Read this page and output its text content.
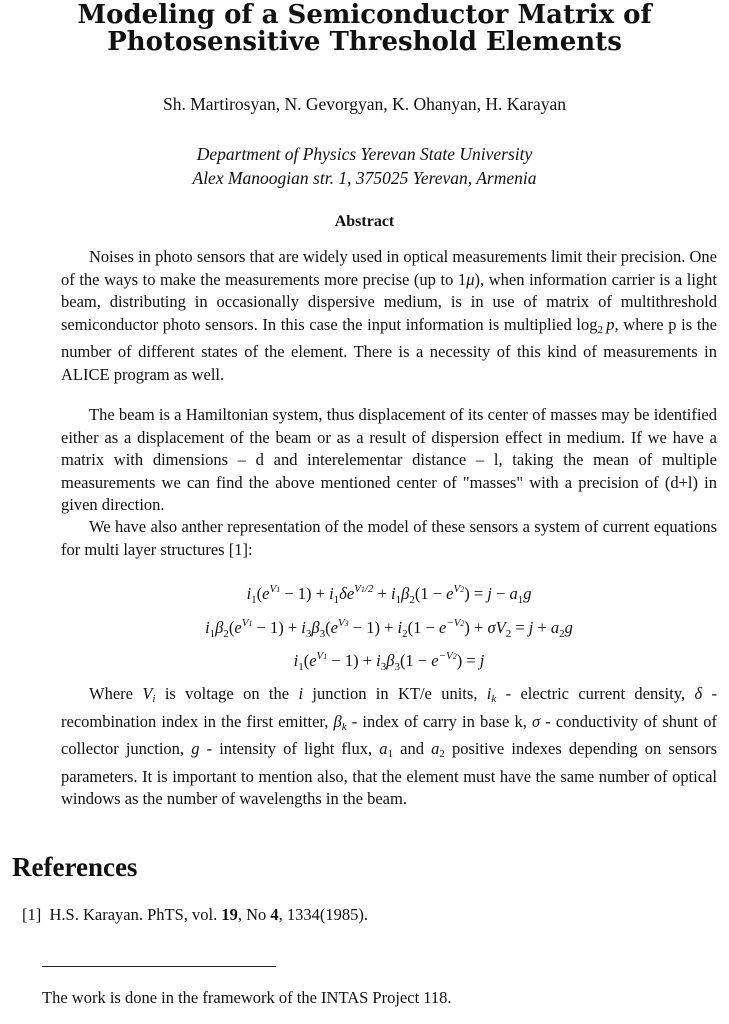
Modeling of a Semiconductor Matrix of
Photosensitive Threshold Elements
Sh. Martirosyan, N. Gevorgyan, K. Ohanyan, H. Karayan
Department of Physics Yerevan State University
Alex Manoogian str. 1, 375025 Yerevan, Armenia
Abstract

Noises in photo sensors that are widely used in optical measurements limit their precision. One of the ways to make the measurements more precise (up to 1μ), when information carrier is a light beam, distributing in occasionally dispersive medium, is in use of matrix of multithreshold semiconductor photo sensors. In this case the input information is multiplied $\log_2 p$, where p is the number of different states of the element. There is a necessity of this kind of measurements in ALICE program as well.

The beam is a Hamiltonian system, thus displacement of its center of masses may be identified either as a displacement of the beam or as a result of dispersion effect in medium. If we have a matrix with dimensions – d and interelementar distance – l, taking the mean of multiple measurements we can find the above mentioned center of "masses" with a precision of (d+l) in given direction.

We have also anther representation of the model of these sensors a system of current equations for multi layer structures [1]:

$i_1(e^{V1} - 1) + i_1\delta e^{V1/2} + i_1\beta_2(1 - e^{V2}) = j - a_1g$
$i_1\beta_2(e^{V1} - 1) + i_3\beta_3(e^{V3} - 1) + i_2(1 - e^{-V2}) + \sigma V_2 = j + a_2g$
$i_1(e^{V1} - 1) + i_3\beta_3(1 - e^{-V2}) = j$

Where $V_i$ is voltage on the i junction in KT/e units, $i_k$ - electric current density, δ - recombination index in the first emitter, $\beta_k$ - index of carry in base k, σ - conductivity of shunt of collector junction, g - intensity of light flux, $a_1$ and $a_2$ positive indexes depending on sensors parameters. It is important to mention also, that the element must have the same number of optical windows as the number of wavelengths in the beam.

References
[1] H.S. Karayan. PhTS, vol. 19, No 4, 1334(1985).
The work is done in the framework of the INTAS Project 118.
